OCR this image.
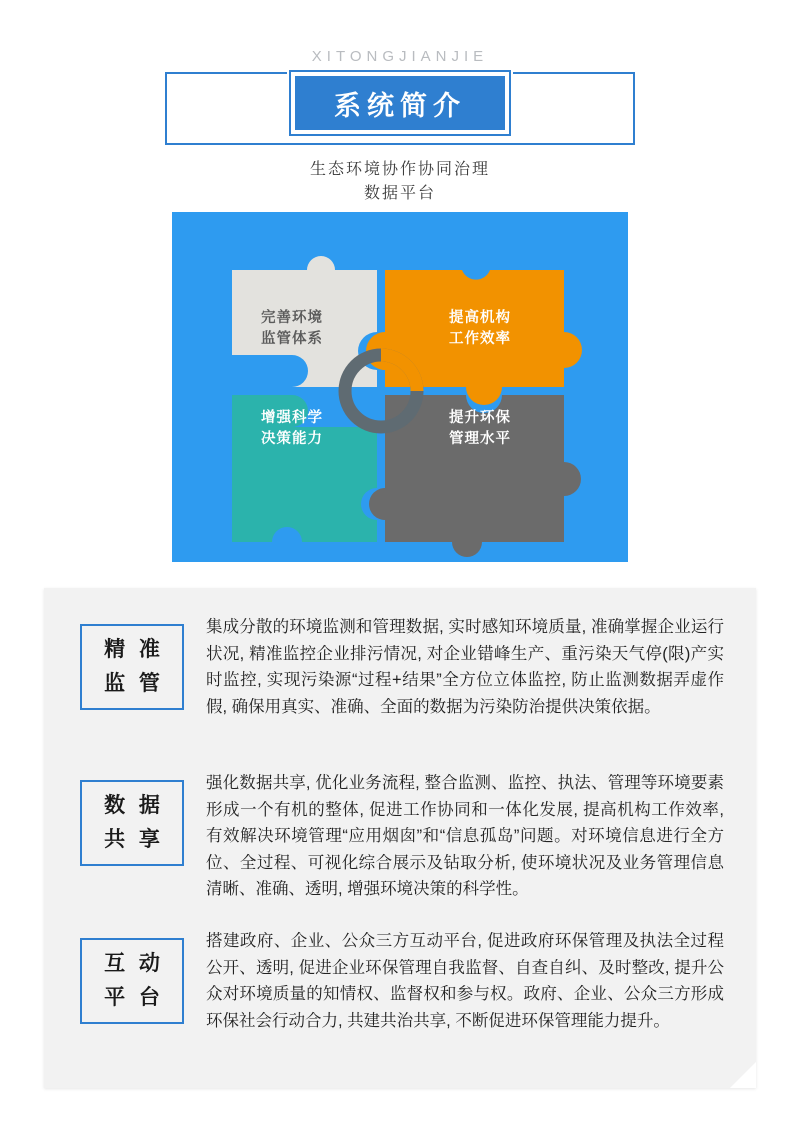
XITONGJIANJIE
系统简介
生态环境协作协同治理
数据平台
完善环境
监管体系
提高机构
工作效率
增强科学
决策能力
提升环保
管理水平
精 准
监 管
集成分散的环境监测和管理数据, 实时感知环境质量, 准确掌握企业运行状况, 精准监控企业排污情况, 对企业错峰生产、重污染天气停(限)产实时监控, 实现污染源“过程+结果”全方位立体监控, 防止监测数据弄虚作假, 确保用真实、准确、全面的数据为污染防治提供决策依据。
数 据
共 享
强化数据共享, 优化业务流程, 整合监测、监控、执法、管理等环境要素形成一个有机的整体, 促进工作协同和一体化发展, 提高机构工作效率, 有效解决环境管理“应用烟囱”和“信息孤岛”问题。对环境信息进行全方位、全过程、可视化综合展示及钻取分析, 使环境状况及业务管理信息清晰、准确、透明, 增强环境决策的科学性。
互 动
平 台
搭建政府、企业、公众三方互动平台, 促进政府环保管理及执法全过程公开、透明, 促进企业环保管理自我监督、自查自纠、及时整改, 提升公众对环境质量的知情权、监督权和参与权。政府、企业、公众三方形成环保社会行动合力, 共建共治共享, 不断促进环保管理能力提升。
